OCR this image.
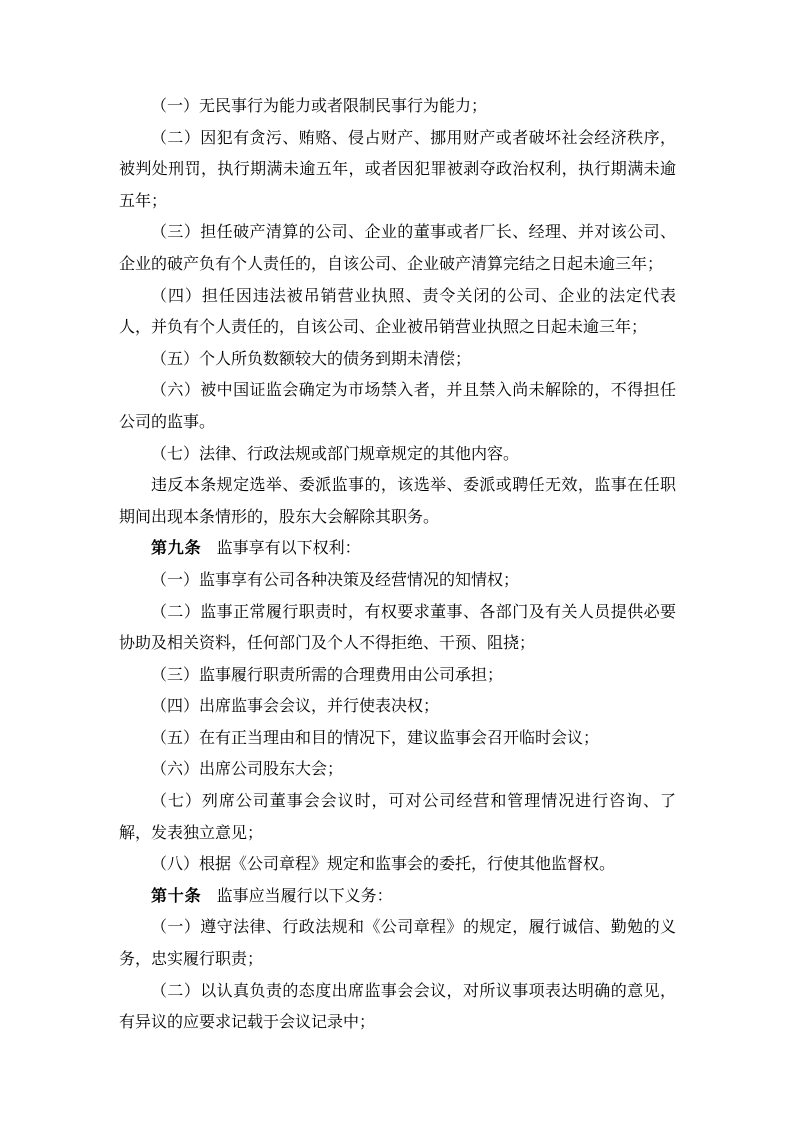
（一）无民事行为能力或者限制民事行为能力；

（二）因犯有贪污、贿赂、侵占财产、挪用财产或者破坏社会经济秩序，被判处刑罚，执行期满未逾五年，或者因犯罪被剥夺政治权利，执行期满未逾五年；

（三）担任破产清算的公司、企业的董事或者厂长、经理、并对该公司、企业的破产负有个人责任的，自该公司、企业破产清算完结之日起未逾三年；

（四）担任因违法被吊销营业执照、责令关闭的公司、企业的法定代表人，并负有个人责任的，自该公司、企业被吊销营业执照之日起未逾三年；

（五）个人所负数额较大的债务到期未清偿；

（六）被中国证监会确定为市场禁入者，并且禁入尚未解除的，不得担任公司的监事。

（七）法律、行政法规或部门规章规定的其他内容。

违反本条规定选举、委派监事的，该选举、委派或聘任无效，监事在任职期间出现本条情形的，股东大会解除其职务。

第九条 监事享有以下权利：

（一）监事享有公司各种决策及经营情况的知情权；

（二）监事正常履行职责时，有权要求董事、各部门及有关人员提供必要协助及相关资料，任何部门及个人不得拒绝、干预、阻挠；

（三）监事履行职责所需的合理费用由公司承担；

（四）出席监事会会议，并行使表决权；

（五）在有正当理由和目的情况下，建议监事会召开临时会议；

（六）出席公司股东大会；

（七）列席公司董事会会议时，可对公司经营和管理情况进行咨询、了解，发表独立意见；

（八）根据《公司章程》规定和监事会的委托，行使其他监督权。

第十条 监事应当履行以下义务：

（一）遵守法律、行政法规和《公司章程》的规定，履行诚信、勤勉的义务，忠实履行职责；

（二）以认真负责的态度出席监事会会议，对所议事项表达明确的意见，有异议的应要求记载于会议记录中；
